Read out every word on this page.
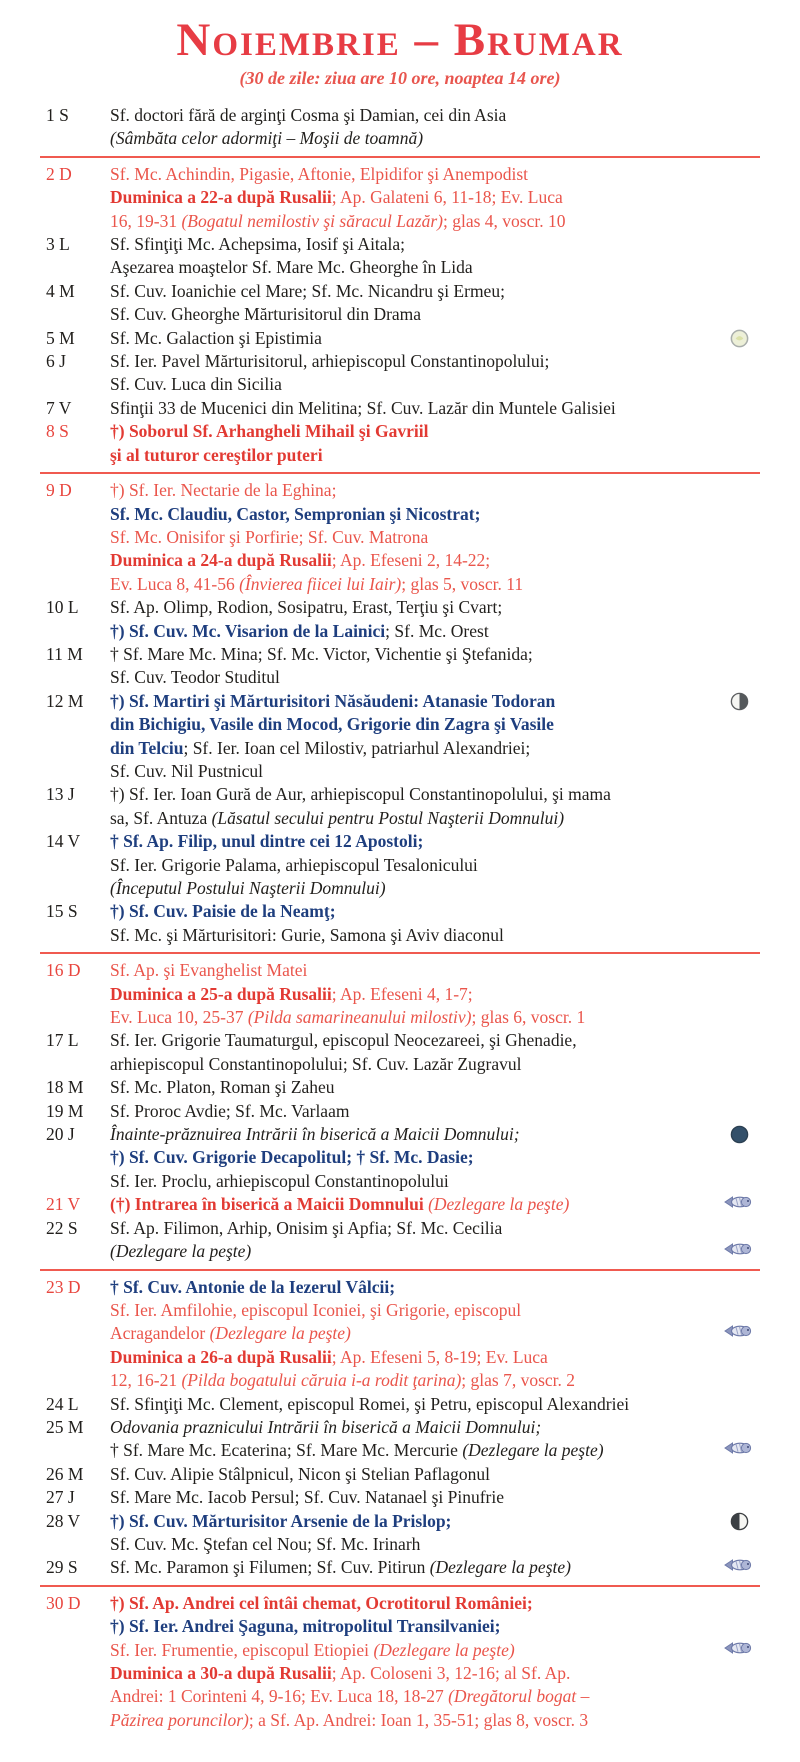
Noiembrie – Brumar
(30 de zile: ziua are 10 ore, noaptea 14 ore)
1 S	Sf. doctori fără de arginţi Cosma şi Damian, cei din Asia
(Sâmbăta celor adormiţi – Moşii de toamnă)
2 D	Sf. Mc. Achindin, Pigasie, Aftonie, Elpidifor şi Anempodist
Duminica a 22-a după Rusalii; Ap. Galateni 6, 11-18; Ev. Luca
16, 19-31 (Bogatul nemilostiv şi săracul Lazăr); glas 4, voscr. 10
3 L	Sf. Sfinţiţi Mc. Achepsima, Iosif şi Aitala;
Aşezarea moaştelor Sf. Mare Mc. Gheorghe în Lida
4 M	Sf. Cuv. Ioanichie cel Mare; Sf. Mc. Nicandru şi Ermeu;
Sf. Cuv. Gheorghe Mărturisitorul din Drama
5 M	Sf. Mc. Galaction şi Epistimia
6 J	Sf. Ier. Pavel Mărturisitorul, arhiepiscopul Constantinopolului;
Sf. Cuv. Luca din Sicilia
7 V	Sfinţii 33 de Mucenici din Melitina; Sf. Cuv. Lazăr din Muntele Galisiei
8 S	†) Soborul Sf. Arhangheli Mihail şi Gavriil
şi al tuturor cereştilor puteri
9 D	†) Sf. Ier. Nectarie de la Eghina;
Sf. Mc. Claudiu, Castor, Sempronian şi Nicostrat;
Sf. Mc. Onisifor şi Porfirie; Sf. Cuv. Matrona
Duminica a 24-a după Rusalii; Ap. Efeseni 2, 14-22;
Ev. Luca 8, 41-56 (Învierea fiicei lui Iair); glas 5, voscr. 11
10 L	Sf. Ap. Olimp, Rodion, Sosipatru, Erast, Terţiu şi Cvart;
†) Sf. Cuv. Mc. Visarion de la Lainici; Sf. Mc. Orest
11 M	† Sf. Mare Mc. Mina; Sf. Mc. Victor, Vichentie şi Ştefanida;
Sf. Cuv. Teodor Studitul
12 M	†) Sf. Martiri şi Mărturisitori Năsăudeni: Atanasie Todoran
din Bichigiu, Vasile din Mocod, Grigorie din Zagra şi Vasile
din Telciu; Sf. Ier. Ioan cel Milostiv, patriarhul Alexandriei;
Sf. Cuv. Nil Pustnicul
13 J	†) Sf. Ier. Ioan Gură de Aur, arhiepiscopul Constantinopolului, şi mama
sa, Sf. Antuza (Lăsatul secului pentru Postul Naşterii Domnului)
14 V	† Sf. Ap. Filip, unul dintre cei 12 Apostoli;
Sf. Ier. Grigorie Palama, arhiepiscopul Tesalonicului
(Începutul Postului Naşterii Domnului)
15 S	†) Sf. Cuv. Paisie de la Neamţ;
Sf. Mc. şi Mărturisitori: Gurie, Samona şi Aviv diaconul
16 D	Sf. Ap. şi Evanghelist Matei
Duminica a 25-a după Rusalii; Ap. Efeseni 4, 1-7;
Ev. Luca 10, 25-37 (Pilda samarineanului milostiv); glas 6, voscr. 1
17 L	Sf. Ier. Grigorie Taumaturgul, episcopul Neocezareei, şi Ghenadie,
arhiepiscopul Constantinopolului; Sf. Cuv. Lazăr Zugravul
18 M	Sf. Mc. Platon, Roman şi Zaheu
19 M	Sf. Proroc Avdie; Sf. Mc. Varlaam
20 J	Înainte-prăznuirea Intrării în biserică a Maicii Domnului;
†) Sf. Cuv. Grigorie Decapolitul; † Sf. Mc. Dasie;
Sf. Ier. Proclu, arhiepiscopul Constantinopolului
21 V	(†) Intrarea în biserică a Maicii Domnului (Dezlegare la peşte)
22 S	Sf. Ap. Filimon, Arhip, Onisim şi Apfia; Sf. Mc. Cecilia
(Dezlegare la peşte)
23 D	† Sf. Cuv. Antonie de la Iezerul Vâlcii;
Sf. Ier. Amfilohie, episcopul Iconiei, şi Grigorie, episcopul
Acragandelor (Dezlegare la peşte)
Duminica a 26-a după Rusalii; Ap. Efeseni 5, 8-19; Ev. Luca
12, 16-21 (Pilda bogatului căruia i-a rodit ţarina); glas 7, voscr. 2
24 L	Sf. Sfinţiţi Mc. Clement, episcopul Romei, şi Petru, episcopul Alexandriei
25 M	Odovania praznicului Intrării în biserică a Maicii Domnului;
† Sf. Mare Mc. Ecaterina; Sf. Mare Mc. Mercurie (Dezlegare la peşte)
26 M	Sf. Cuv. Alipie Stâlpnicul, Nicon şi Stelian Paflagonul
27 J	Sf. Mare Mc. Iacob Persul; Sf. Cuv. Natanael şi Pinufrie
28 V	†) Sf. Cuv. Mărturisitor Arsenie de la Prislop;
Sf. Cuv. Mc. Ştefan cel Nou; Sf. Mc. Irinarh
29 S	Sf. Mc. Paramon şi Filumen; Sf. Cuv. Pitirun (Dezlegare la peşte)
30 D	†) Sf. Ap. Andrei cel întâi chemat, Ocrotitorul României;
†) Sf. Ier. Andrei Şaguna, mitropolitul Transilvaniei;
Sf. Ier. Frumentie, episcopul Etiopiei (Dezlegare la peşte)
Duminica a 30-a după Rusalii; Ap. Coloseni 3, 12-16; al Sf. Ap.
Andrei: 1 Corinteni 4, 9-16; Ev. Luca 18, 18-27 (Dregătorul bogat –
Păzirea poruncilor); a Sf. Ap. Andrei: Ioan 1, 35-51; glas 8, voscr. 3
